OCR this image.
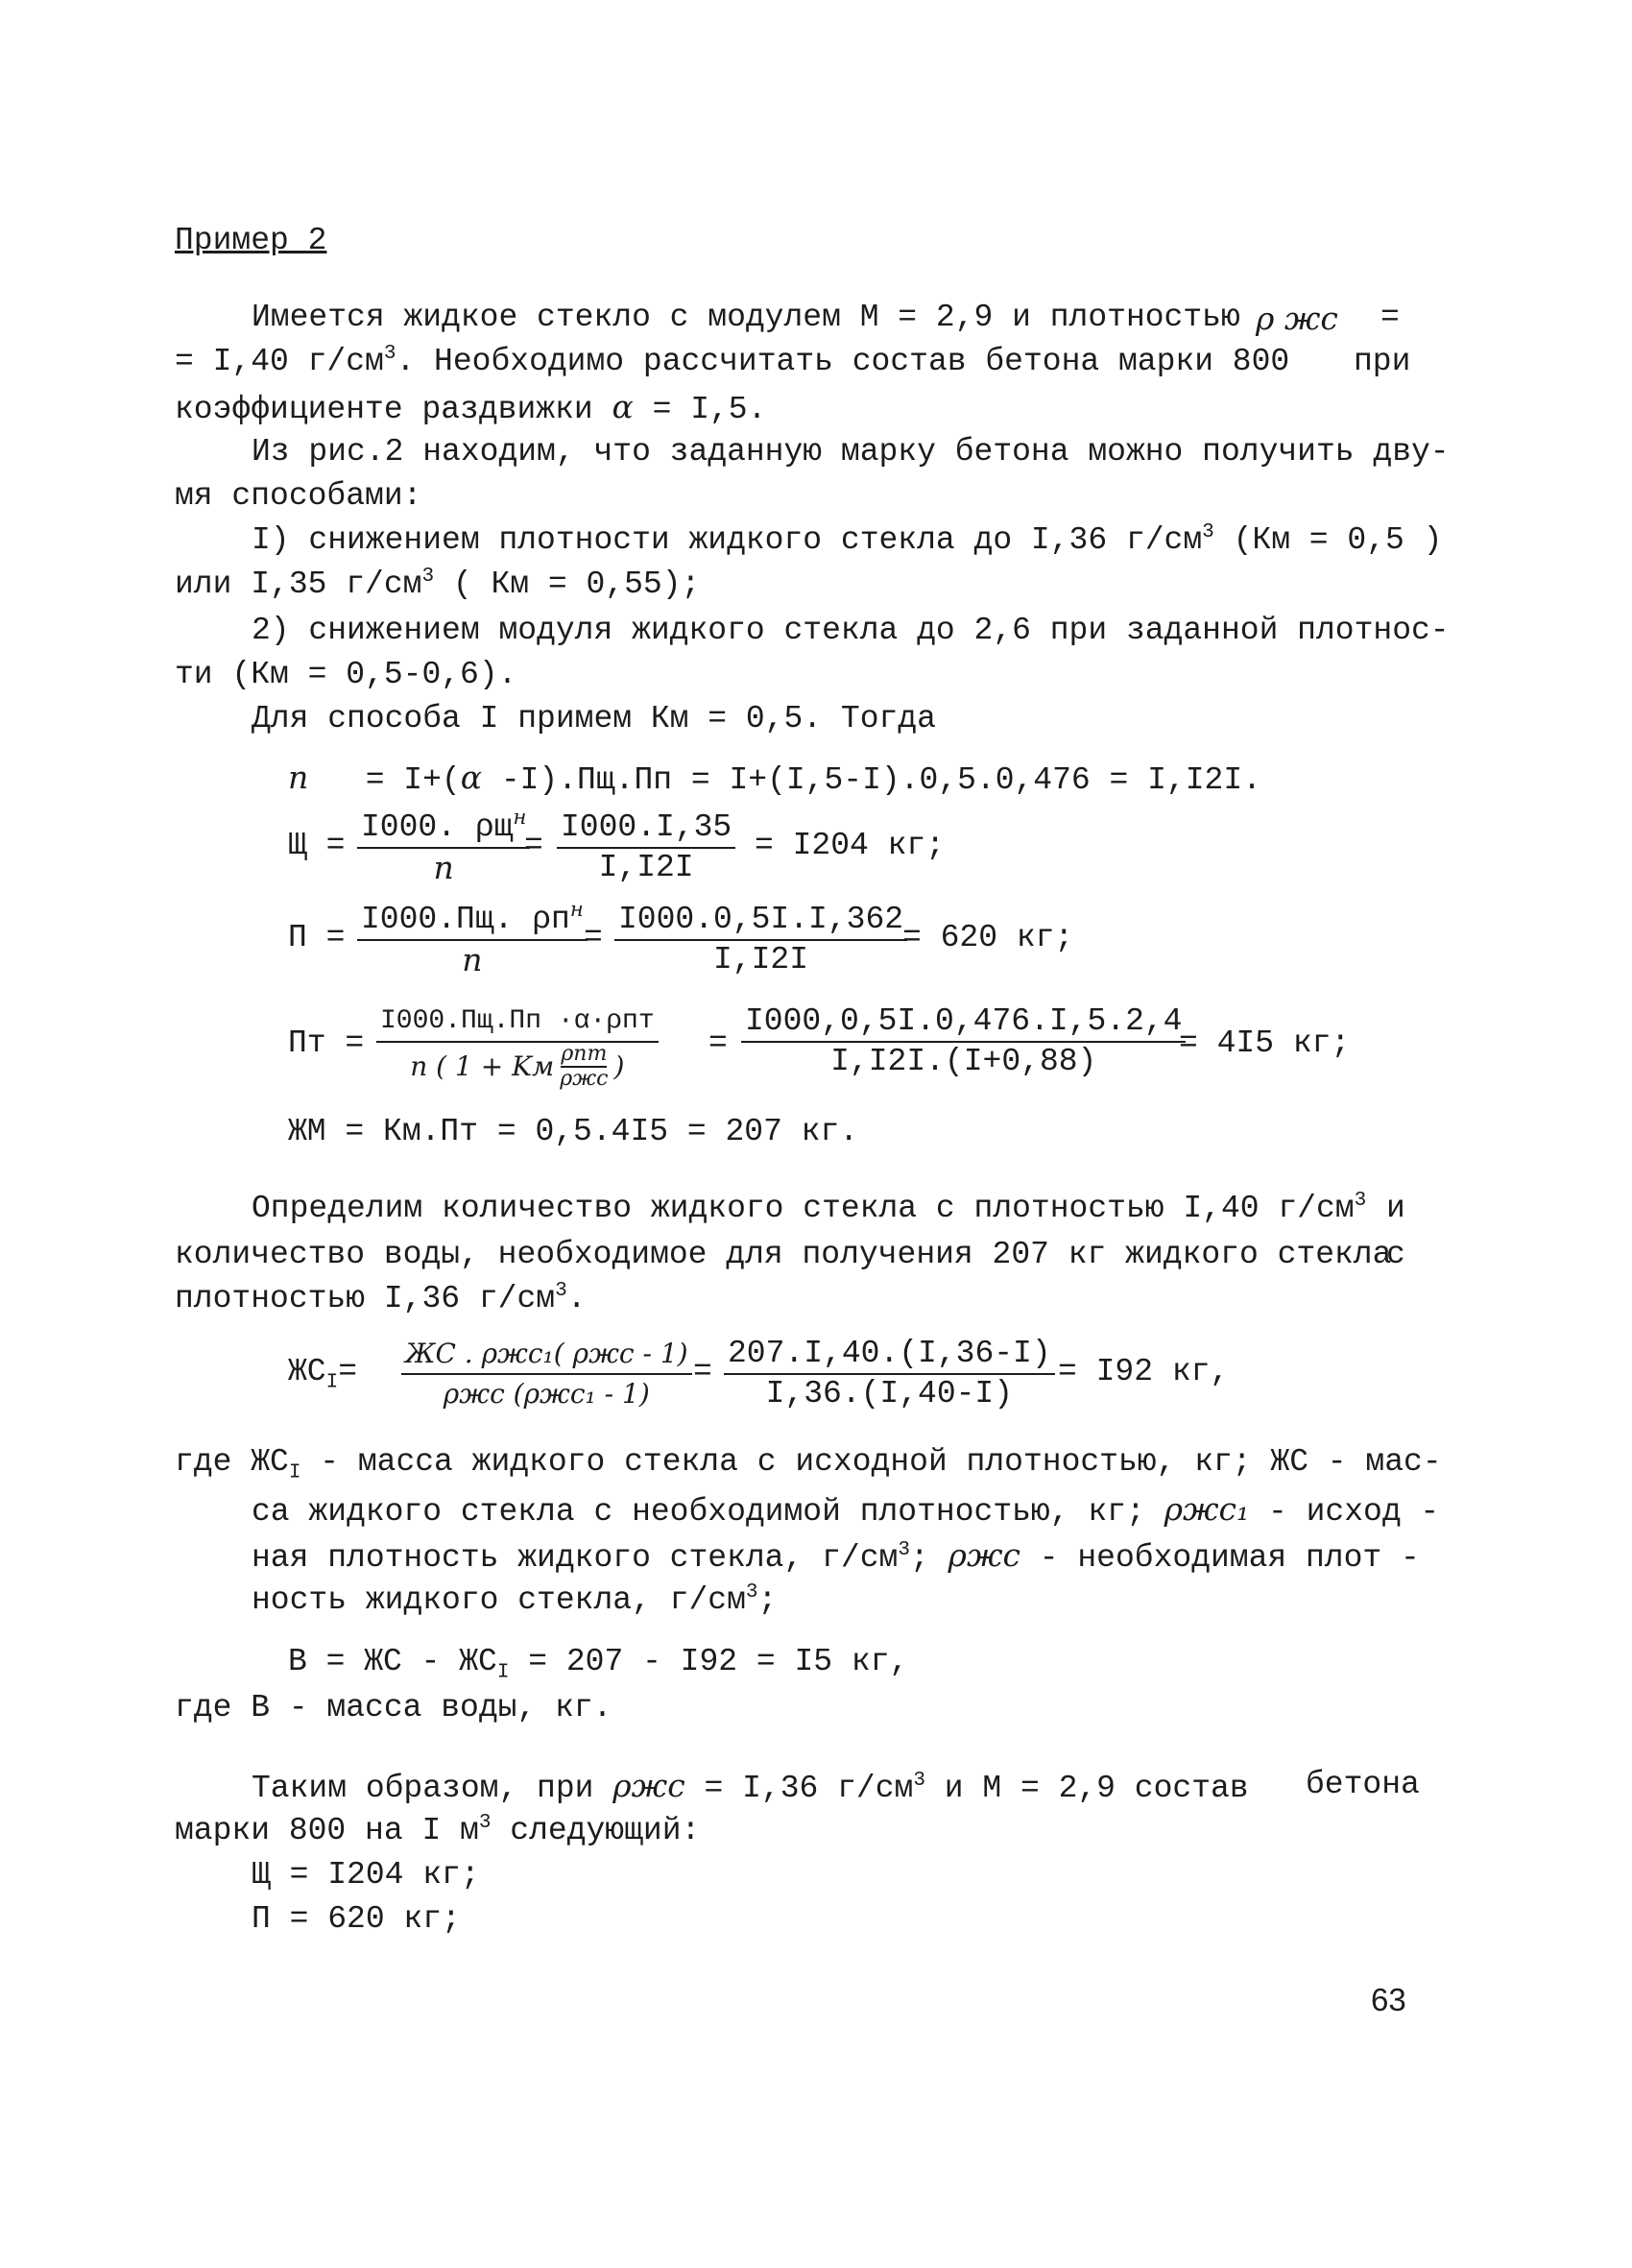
Пример 2
Имеется жидкое стекло с модулем М = 2,9 и плотностью ρ жс =
= I,40 $г/см^3$. Необходимо рассчитать состав бетона марки 800 при
коэффициенте раздвижки α = I,5.
Из рис.2 находим, что заданную марку бетона можно получить дву-
мя способами:
I) снижением плотности жидкого стекла до I,36 $г/см^3$ (Км = 0,5 )
или I,35 $г/см^3$ ( Км = 0,55);
2) снижением модуля жидкого стекла до 2,6 при заданной плотнос-
ти (Км = 0,5-0,6).
Для способа I примем Км = 0,5. Тогда
n = I+(α -I).Пщ.Пп = I+(I,5-I).0,5.0,476 = I,I2I.
Щ =
I000. $\rho щ^н$
n
= $\frac{I000.I,35}{I,I2I} = I204$ кг;
П =
I000.Пщ. $\rho п^н$
n
= $\frac{I000.0,5I.I,362}{I,I2I}$
= 620 кг;
Пт =
I000.Пщ.Пп ·α·ρпт
n ( 1 + Kм ρпт
ρжс )
= $\frac{I000,0,5I.0,476.I,5.2,4}{I,I2I.(I+0,88)}$
= 4I5 кг;
ЖМ = Км.Пт = 0,5.4I5 = 207 кг.
Определим количество жидкого стекла с плотностью I,40 $г/см^3$ и
количество воды, необходимое для получения 207 кг жидкого стекла
с
плотностью I,36 $г/см^3$.
$ЖС_I=$
ЖС . ρжс₁( ρжс - 1)
ρжс (ρжс₁ - 1)
= $\frac{207.I,40.(I,36-I)}{I,36.(I,40-I)} = I92$ кг,
где $ЖС_I$ - масса жидкого стекла с исходной плотностью, кг; ЖС - мас-
са жидкого стекла с необходимой плотностью, кг; ρжс₁ - исход -
ная плотность жидкого стекла, $г/см^3$; ρжс - необходимая плот -
ность жидкого стекла, $г/см^3$;
В = ЖС - $ЖС_I = 207 - I92 = I5$ кг,
где В - масса воды, кг.
Таким образом, при ρжс = I,36 $г/см^3$ и М = 2,9 состав бетона
марки 800 на I $м^3$ следующий:
Щ = I204 кг;
П = 620 кг;
63
